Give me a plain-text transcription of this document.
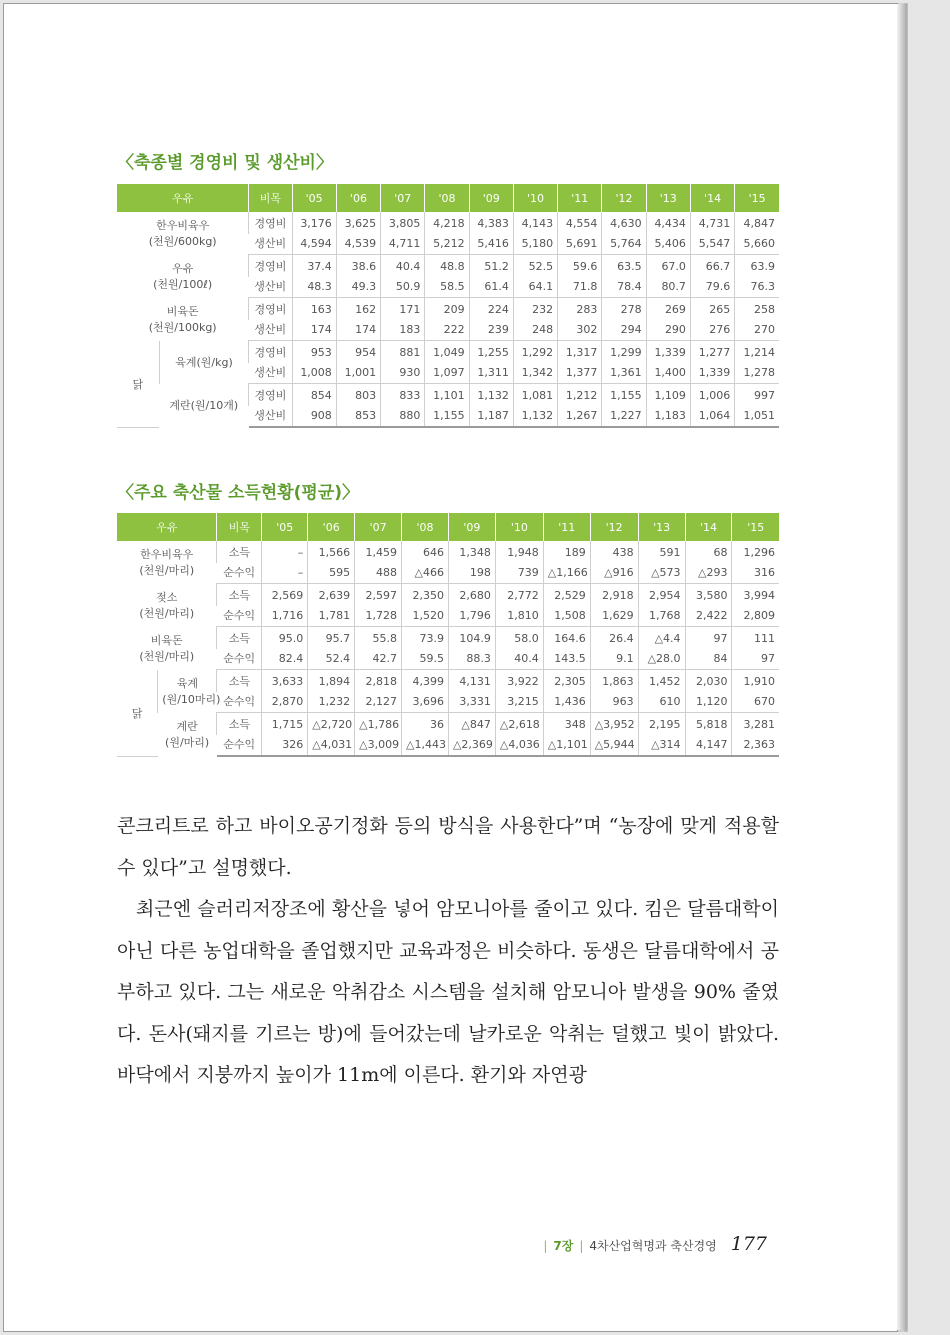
〈축종별 경영비 및 생산비〉
우유		비목	'05	'06	'07	'08	'09	'10	'11	'12	'13	'14	'15

한우비육우
(천원/600kg)		경영비	3,176	3,625	3,805	4,218	4,383	4,143	4,554	4,630	4,434	4,731	4,847
		생산비	4,594	4,539	4,711	5,212	5,416	5,180	5,691	5,764	5,406	5,547	5,660

우유
(천원/100ℓ)		경영비	37.4	38.6	40.4	48.8	51.2	52.5	59.6	63.5	67.0	66.7	63.9
		생산비	48.3	49.3	50.9	58.5	61.4	64.1	71.8	78.4	80.7	79.6	76.3

비육돈
(천원/100kg)		경영비	163	162	171	209	224	232	283	278	269	265	258
		생산비	174	174	183	222	239	248	302	294	290	276	270
닭	육계(원/kg)	경영비	953	954	881	1,049	1,255	1,292	1,317	1,299	1,339	1,277	1,214
		생산비	1,008	1,001	930	1,097	1,311	1,342	1,377	1,361	1,400	1,339	1,278

	계란(원/10개)	경영비	854	803	833	1,101	1,132	1,081	1,212	1,155	1,109	1,006	997
		생산비	908	853	880	1,155	1,187	1,132	1,267	1,227	1,183	1,064	1,051
〈주요 축산물 소득현황(평균)〉
우유		비목	'05	'06	'07	'08	'09	'10	'11	'12	'13	'14	'15

한우비육우
(천원/마리)		소득	–	1,566	1,459	646	1,348	1,948	189	438	591	68	1,296
		순수익	–	595	488	△466	198	739	△1,166	△916	△573	△293	316

젖소
(천원/마리)		소득	2,569	2,639	2,597	2,350	2,680	2,772	2,529	2,918	2,954	3,580	3,994
		순수익	1,716	1,781	1,728	1,520	1,796	1,810	1,508	1,629	1,768	2,422	2,809

비육돈
(천원/마리)		소득	95.0	95.7	55.8	73.9	104.9	58.0	164.6	26.4	△4.4	97	111
		순수익	82.4	52.4	42.7	59.5	88.3	40.4	143.5	9.1	△28.0	84	97
닭	육계
(원/10마리)	소득	3,633	1,894	2,818	4,399	4,131	3,922	2,305	1,863	1,452	2,030	1,910
		순수익	2,870	1,232	2,127	3,696	3,331	3,215	1,436	963	610	1,120	670

	계란
(원/마리)	소득	1,715	△2,720	△1,786	36	△847	△2,618	348	△3,952	2,195	5,818	3,281
		순수익	326	△4,031	△3,009	△1,443	△2,369	△4,036	△1,101	△5,944	△314	4,147	2,363

콘크리트로 하고 바이오공기정화 등의 방식을 사용한다”며 “농장에 맞게 적용할 수 있다”고 설명했다.

최근엔 슬러리저장조에 황산을 넣어 암모니아를 줄이고 있다. 킴은 달름대학이 아닌 다른 농업대학을 졸업했지만 교육과정은 비슷하다. 동생은 달름대학에서 공부하고 있다. 그는 새로운 악취감소 시스템을 설치해 암모니아 발생을 90% 줄였다. 돈사(돼지를 기르는 방)에 들어갔는데 날카로운 악취는 덜했고 빛이 밝았다. 바닥에서 지붕까지 높이가 11m에 이른다. 환기와 자연광

| 7장 | 4차산업혁명과 축산경영 177
